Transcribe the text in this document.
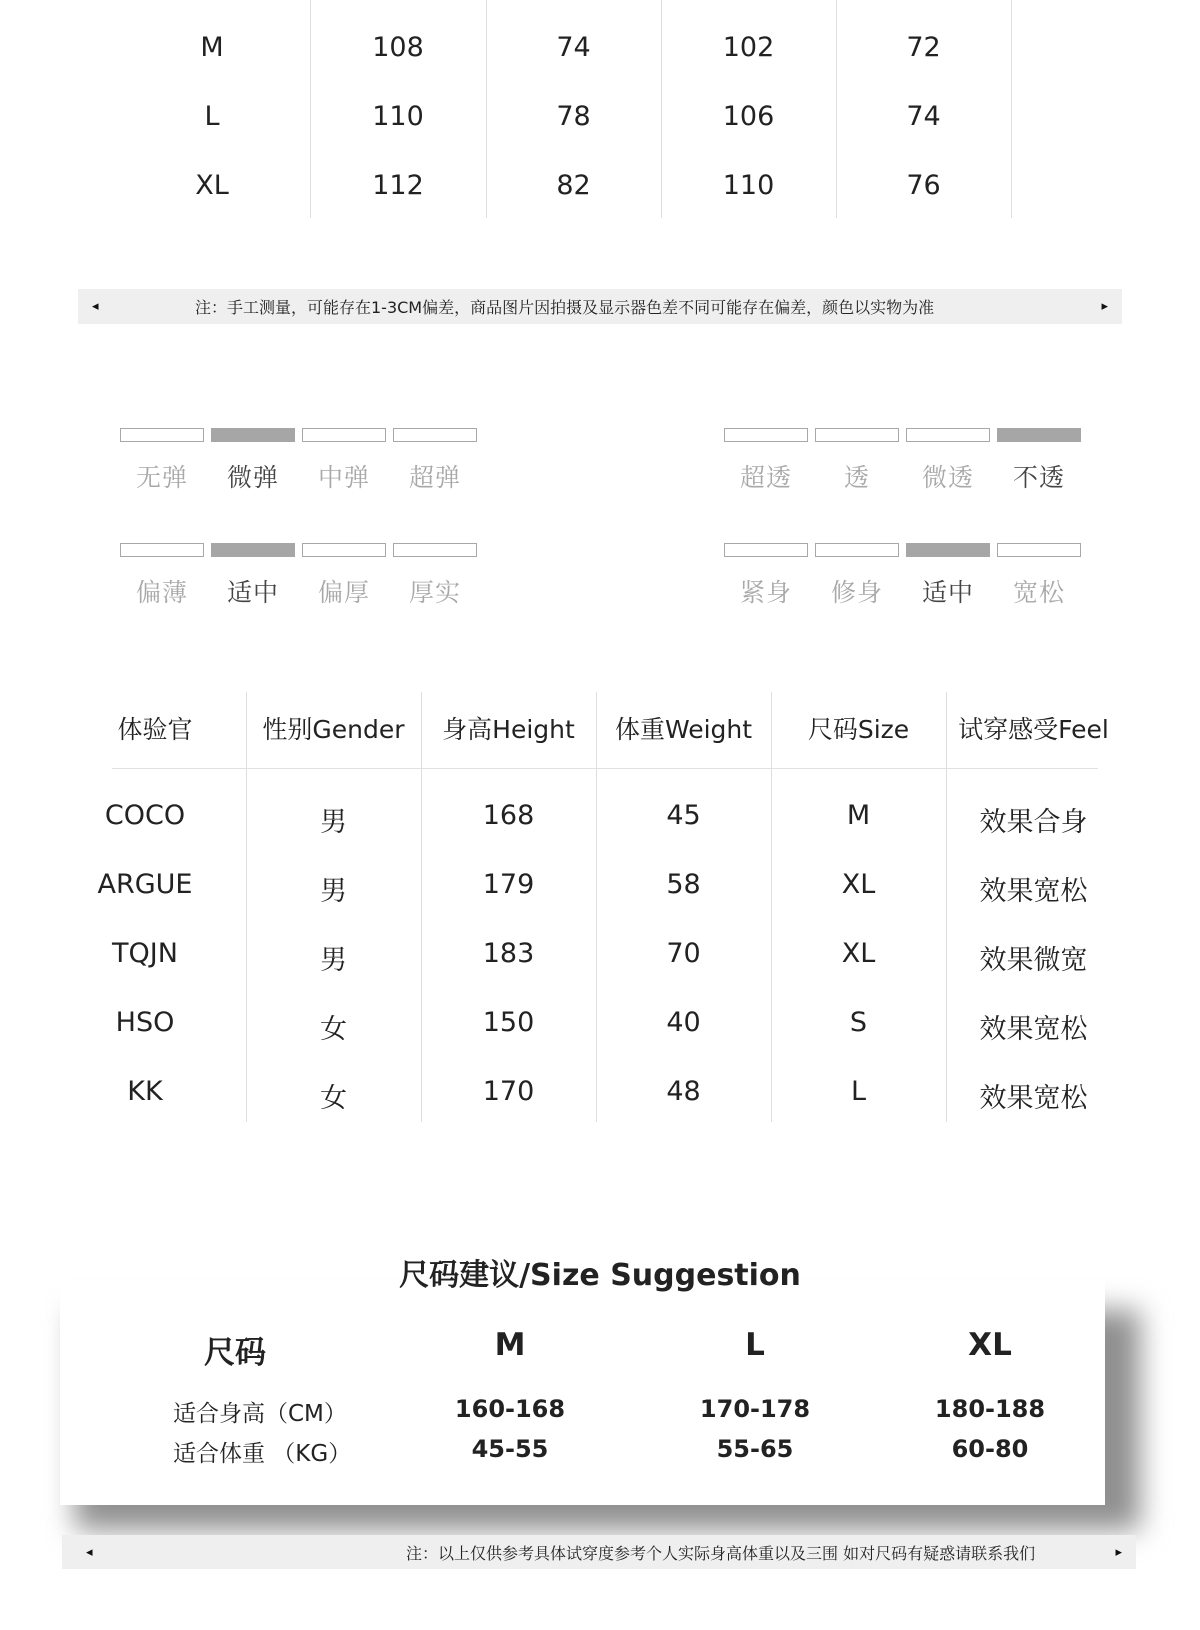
M	108	74	102	72
L	110	78	106	74
XL	112	82	110	76
◂	注：手工测量，可能存在1-3CM偏差，商品图片因拍摄及显示器色差不同可能存在偏差，颜色以实物为准	▸
无弹	微弹	中弹	超弹	超透	透	微透	不透
偏薄	适中	偏厚	厚实	紧身	修身	适中	宽松
体验官	性别Gender	身高Height	体重Weight	尺码Size	试穿感受Feel
COCO	男	168	45	M	效果合身
ARGUE	男	179	58	XL	效果宽松
TQJN	男	183	70	XL	效果微宽
HSO	女	150	40	S	效果宽松
KK	女	170	48	L	效果宽松
尺码建议/Size Suggestion
尺码	M	L	XL
适合身高（CM）	160-168	170-178	180-188
适合体重 （KG）	45-55	55-65	60-80
◂	注：以上仅供参考具体试穿度参考个人实际身高体重以及三围 如对尺码有疑惑请联系我们	▸
